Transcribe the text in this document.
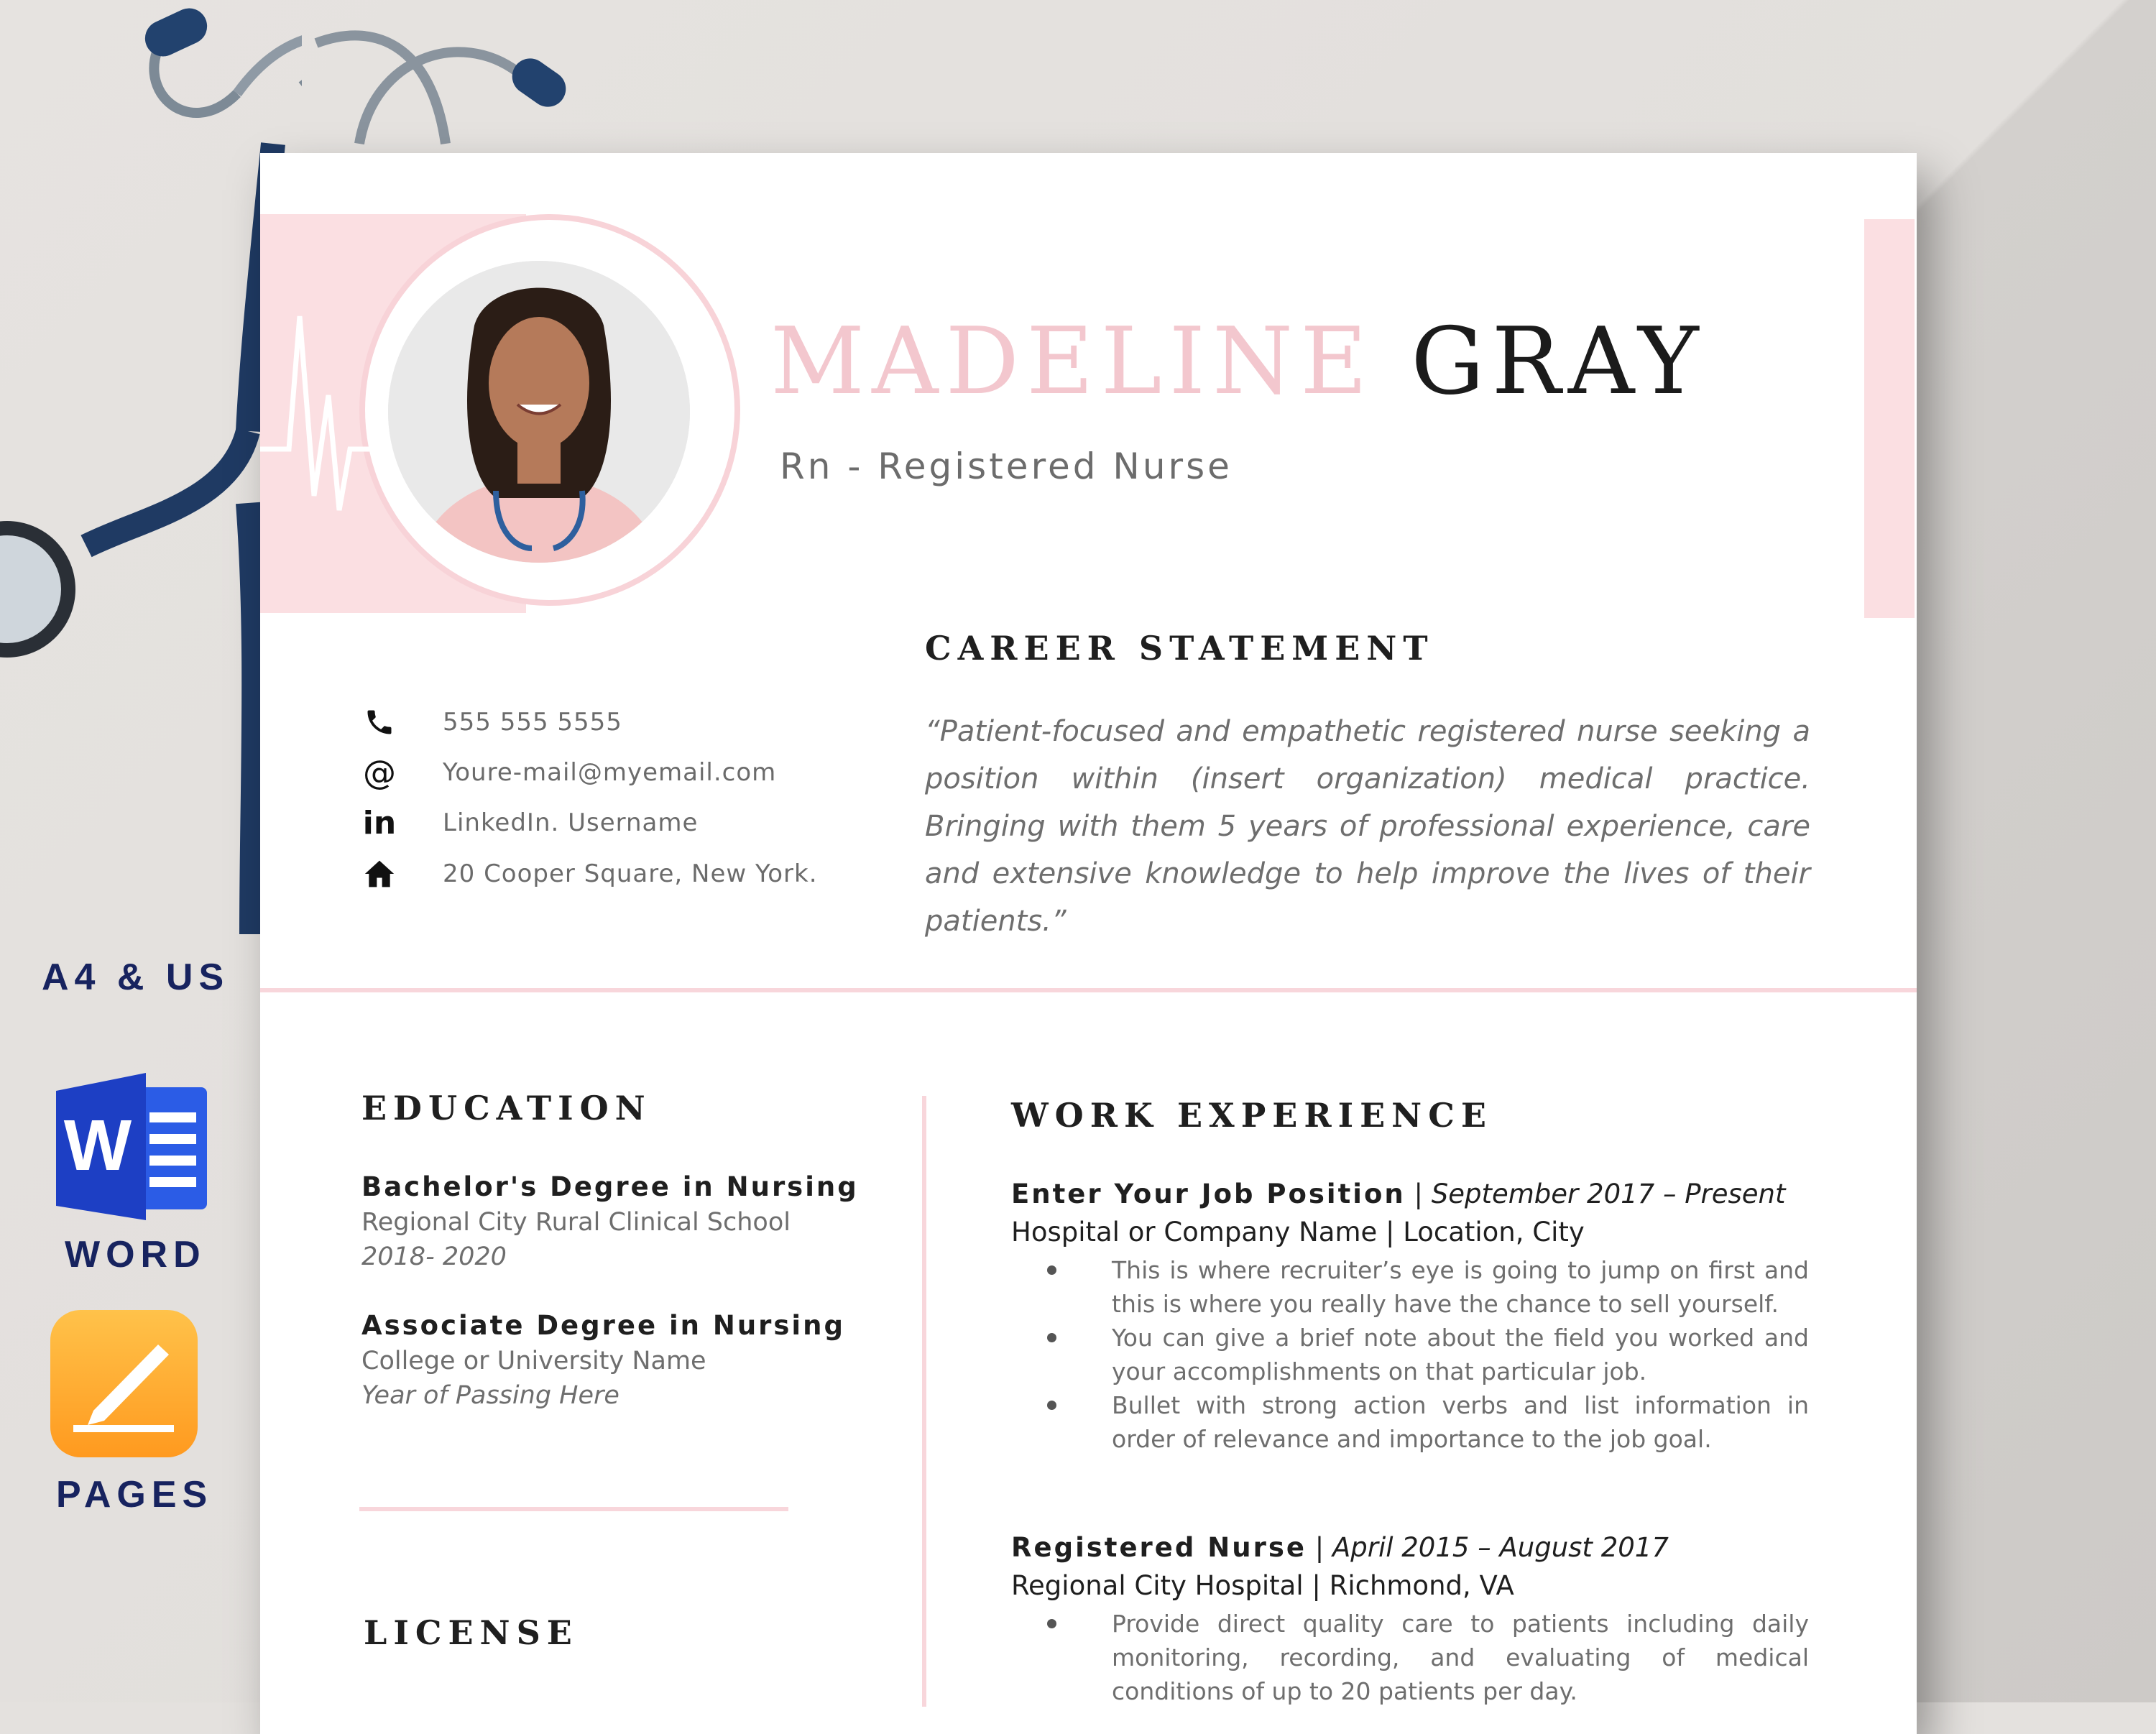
A4 & US
W
WORD
PAGES
MADELINE GRAY
Rn - Registered Nurse
CAREER STATEMENT
“Patient-focused and empathetic registered nurse seeking a position within (insert organization) medical practice. Bringing with them 5 years of professional experience, care and extensive knowledge to help improve the lives of their patients.”
555 555 5555
@ Youre-mail@myemail.com
in LinkedIn. Username
20 Cooper Square, New York.
EDUCATION
Bachelor's Degree in Nursing
Regional City Rural Clinical School
2018- 2020
Associate Degree in Nursing
College or University Name
Year of Passing Here
LICENSE
WORK EXPERIENCE
Enter Your Job Position | September 2017 – Present
Hospital or Company Name | Location, City
This is where recruiter’s eye is going to jump on first and this is where you really have the chance to sell yourself.
You can give a brief note about the field you worked and your accomplishments on that particular job.
Bullet with strong action verbs and list information in order of relevance and importance to the job goal.
Registered Nurse | April 2015 – August 2017
Regional City Hospital | Richmond, VA
Provide direct quality care to patients including daily monitoring, recording, and evaluating of medical conditions of up to 20 patients per day.
